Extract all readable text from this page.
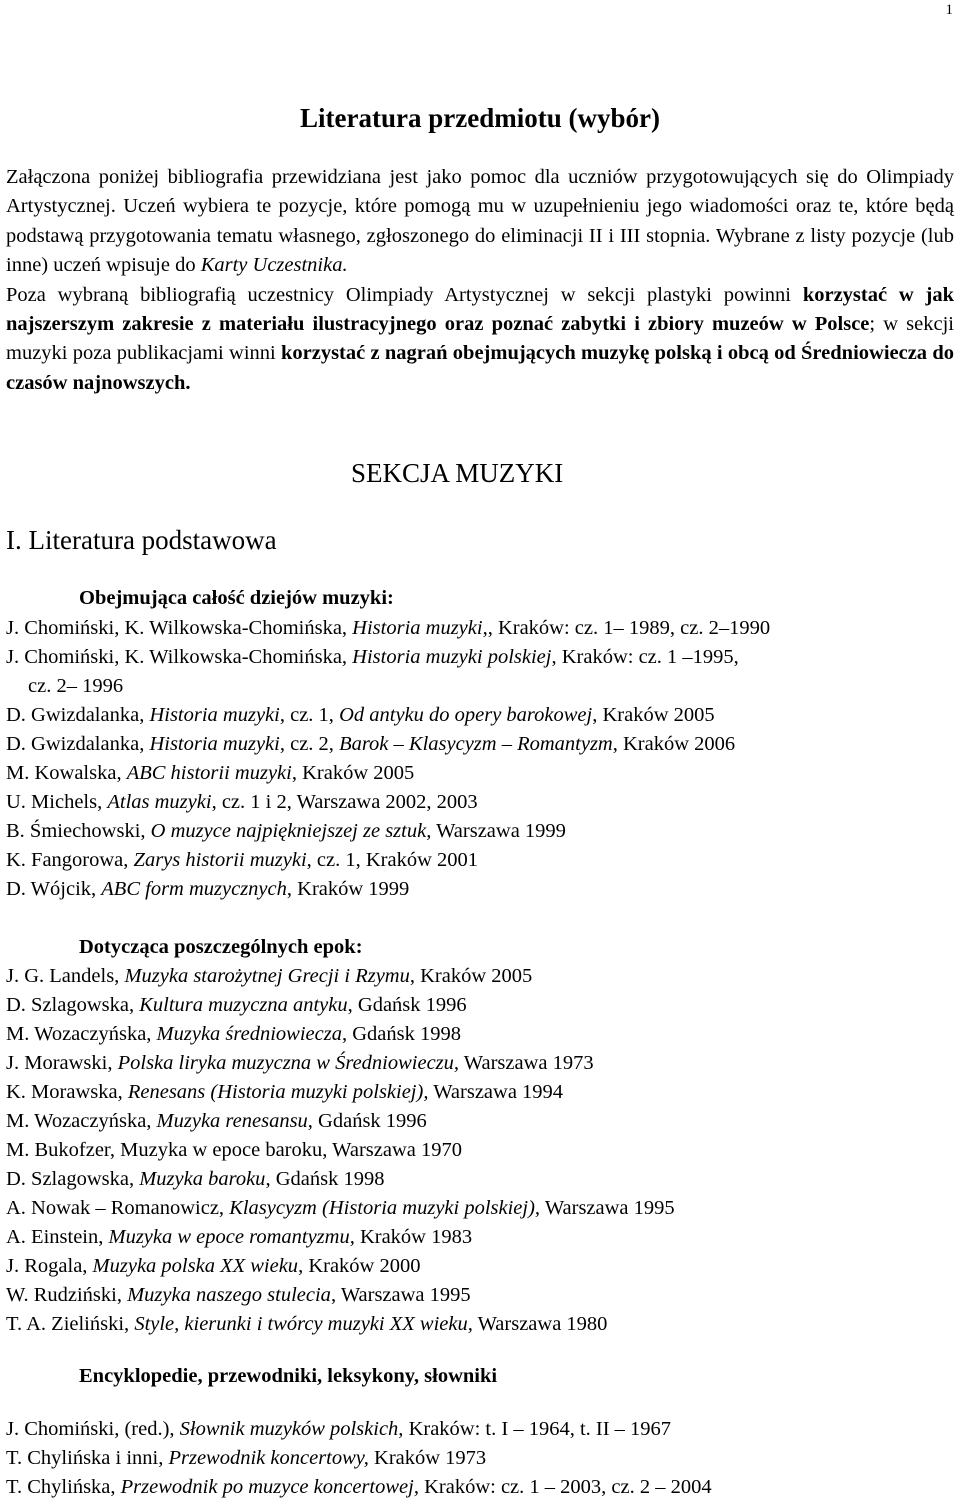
1
Literatura przedmiotu (wybór)

Załączona poniżej bibliografia przewidziana jest jako pomoc dla uczniów przygotowujących się do Olimpiady Artystycznej. Uczeń wybiera te pozycje, które pomogą mu w uzupełnieniu jego wiadomości oraz te, które będą podstawą przygotowania tematu własnego, zgłoszonego do eliminacji II i III stopnia. Wybrane z listy pozycje (lub inne) uczeń wpisuje do Karty Uczestnika.

Poza wybraną bibliografią uczestnicy Olimpiady Artystycznej w sekcji plastyki powinni korzystać w jak najszerszym zakresie z materiału ilustracyjnego oraz poznać zabytki i zbiory muzeów w Polsce; w sekcji muzyki poza publikacjami winni korzystać z nagrań obejmujących muzykę polską i obcą od Średniowiecza do czasów najnowszych.

SEKCJA MUZYKI
I. Literatura podstawowa
Obejmująca całość dziejów muzyki:
J. Chomiński, K. Wilkowska-Chomińska, Historia muzyki,, Kraków: cz. 1– 1989, cz. 2–1990
J. Chomiński, K. Wilkowska-Chomińska, Historia muzyki polskiej, Kraków: cz. 1 –1995,
cz. 2– 1996
D. Gwizdalanka, Historia muzyki, cz. 1, Od antyku do opery barokowej, Kraków 2005
D. Gwizdalanka, Historia muzyki, cz. 2, Barok – Klasycyzm – Romantyzm, Kraków 2006
M. Kowalska, ABC historii muzyki, Kraków 2005
U. Michels, Atlas muzyki, cz. 1 i 2, Warszawa 2002, 2003
B. Śmiechowski, O muzyce najpiękniejszej ze sztuk, Warszawa 1999
K. Fangorowa, Zarys historii muzyki, cz. 1, Kraków 2001
D. Wójcik, ABC form muzycznych, Kraków 1999
Dotycząca poszczególnych epok:
J. G. Landels, Muzyka starożytnej Grecji i Rzymu, Kraków 2005
D. Szlagowska, Kultura muzyczna antyku, Gdańsk 1996
M. Wozaczyńska, Muzyka średniowiecza, Gdańsk 1998
J. Morawski, Polska liryka muzyczna w Średniowieczu, Warszawa 1973
K. Morawska, Renesans (Historia muzyki polskiej), Warszawa 1994
M. Wozaczyńska, Muzyka renesansu, Gdańsk 1996
M. Bukofzer, Muzyka w epoce baroku, Warszawa 1970
D. Szlagowska, Muzyka baroku, Gdańsk 1998
A. Nowak – Romanowicz, Klasycyzm (Historia muzyki polskiej), Warszawa 1995
A. Einstein, Muzyka w epoce romantyzmu, Kraków 1983
J. Rogala, Muzyka polska XX wieku, Kraków 2000
W. Rudziński, Muzyka naszego stulecia, Warszawa 1995
T. A. Zieliński, Style, kierunki i twórcy muzyki XX wieku, Warszawa 1980
Encyklopedie, przewodniki, leksykony, słowniki
J. Chomiński, (red.), Słownik muzyków polskich, Kraków: t. I – 1964, t. II – 1967
T. Chylińska i inni, Przewodnik koncertowy, Kraków 1973
T. Chylińska, Przewodnik po muzyce koncertowej, Kraków: cz. 1 – 2003, cz. 2 – 2004
